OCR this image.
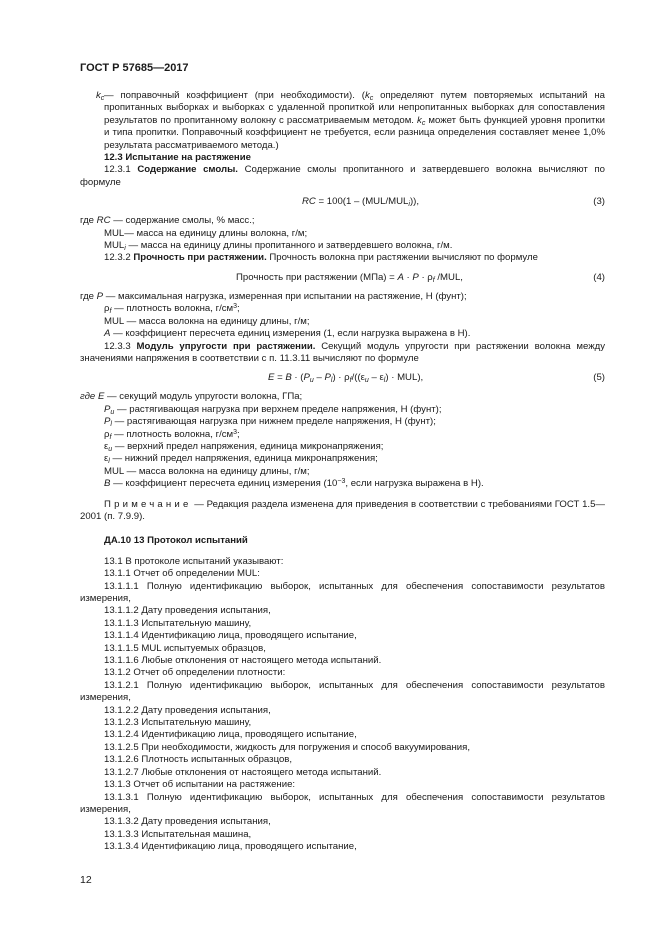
ГОСТ Р 57685—2017
$k_c$ — поправочный коэффициент (при необходимости). ($k_c$ определяют путем повторяемых испытаний на пропитанных выборках и выборках с удаленной пропиткой или непропитанных выборках для сопоставления результатов по пропитанному волокну с рассматриваемым методом. $k_c$ может быть функцией уровня пропитки и типа пропитки. Поправочный коэффициент не требуется, если разница определения составляет менее 1,0% результата рассматриваемого метода.)

12.3 Испытание на растяжение

12.3.1 Содержание смолы. Содержание смолы пропитанного и затвердевшего волокна вычисляют по формуле

RC = $100(1 - (MUL/MUL_i))$,	(3)

где RC — содержание смолы, % масс.;

MUL— масса на единицу длины волокна, г/м;

$MUL_i$ — масса на единицу длины пропитанного и затвердевшего волокна, г/м.

12.3.2 Прочность при растяжении. Прочность волокна при растяжении вычисляют по формуле

Прочность при растяжении $(МПа) = A \cdot P \cdot \rho_f$ /MUL,	(4)

где P — максимальная нагрузка, измеренная при испытании на растяжение, Н (фунт);

$\rho_f$ — плотность волокна, $г/см^3$;

MUL — масса волокна на единицу длины, г/м;

A — коэффициент пересчета единиц измерения (1, если нагрузка выражена в Н).

12.3.3 Модуль упругости при растяжении. Секущий модуль упругости при растяжении волокна между значениями напряжения в соответствии с п. 11.3.11 вычисляют по формуле

$E = B \cdot (P_u - P_l) \cdot \rho_f/((\varepsilon_u - \varepsilon_l) \cdot MUL)$,	(5)

где E — секущий модуль упругости волокна, ГПа;

$P_u$ — растягивающая нагрузка при верхнем пределе напряжения, Н (фунт);

$P_l$ — растягивающая нагрузка при нижнем пределе напряжения, Н (фунт);

$\rho_f$ — плотность волокна, $г/см^3$;

$\varepsilon_u$ — верхний предел напряжения, единица микронапряжения;

$\varepsilon_l$ — нижний предел напряжения, единица микронапряжения;

MUL — масса волокна на единицу длины, г/м;

B — коэффициент пересчета единиц измерения ($10^{-3}$, если нагрузка выражена в Н).

Примечание — Редакция раздела изменена для приведения в соответствии с требованиями ГОСТ 1.5—2001 (п. 7.9.9).

ДА.10 13 Протокол испытаний

13.1 В протоколе испытаний указывают:

13.1.1 Отчет об определении MUL:

13.1.1.1 Полную идентификацию выборок, испытанных для обеспечения сопоставимости результатов измерения,

13.1.1.2 Дату проведения испытания,

13.1.1.3 Испытательную машину,

13.1.1.4 Идентификацию лица, проводящего испытание,

13.1.1.5 MUL испытуемых образцов,

13.1.1.6 Любые отклонения от настоящего метода испытаний.

13.1.2 Отчет об определении плотности:

13.1.2.1 Полную идентификацию выборок, испытанных для обеспечения сопоставимости результатов измерения,

13.1.2.2 Дату проведения испытания,

13.1.2.3 Испытательную машину,

13.1.2.4 Идентификацию лица, проводящего испытание,

13.1.2.5 При необходимости, жидкость для погружения и способ вакуумирования,

13.1.2.6 Плотность испытанных образцов,

13.1.2.7 Любые отклонения от настоящего метода испытаний.

13.1.3 Отчет об испытании на растяжение:

13.1.3.1 Полную идентификацию выборок, испытанных для обеспечения сопоставимости результатов измерения,

13.1.3.2 Дату проведения испытания,

13.1.3.3 Испытательная машина,

13.1.3.4 Идентификацию лица, проводящего испытание,

12
